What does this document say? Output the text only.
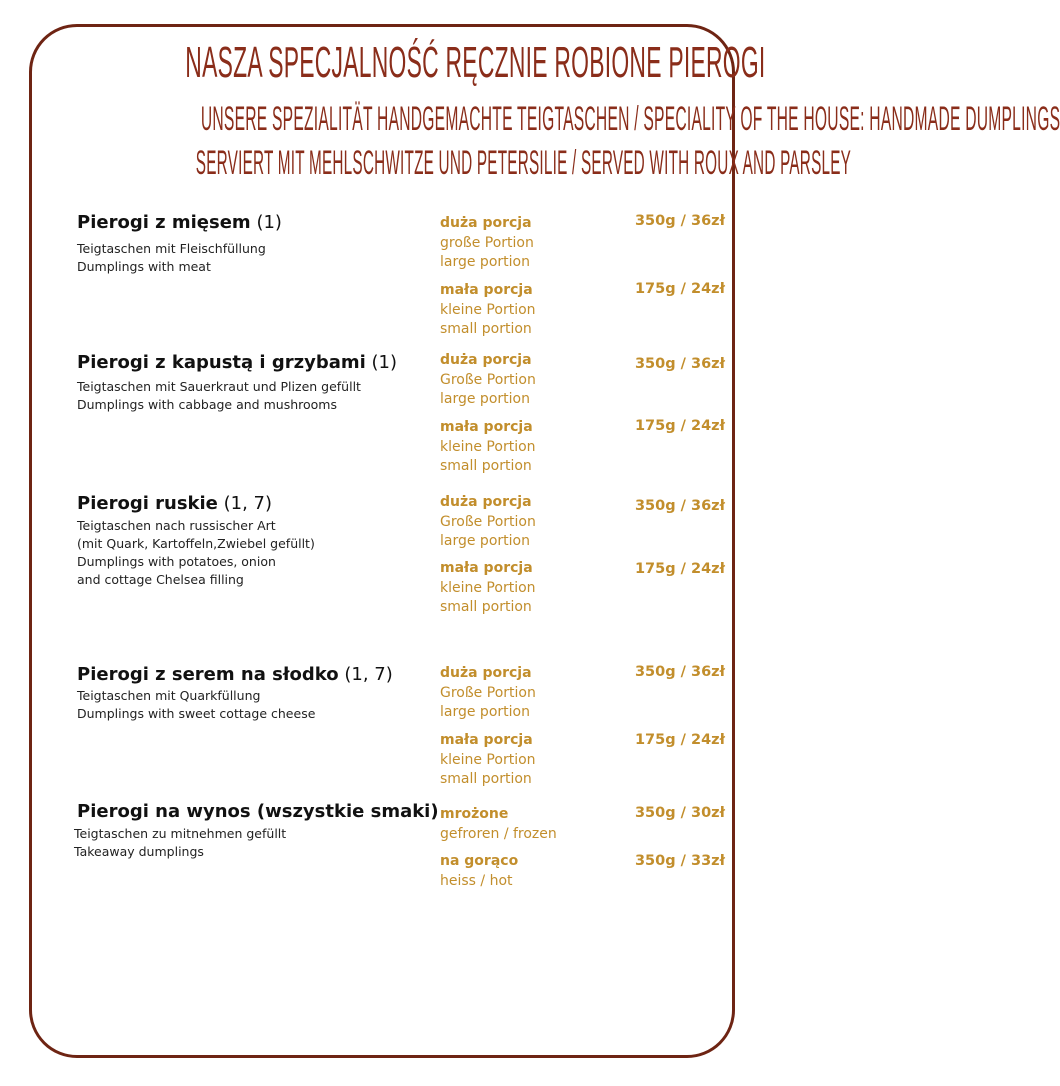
NASZA SPECJALNOŚĆ RĘCZNIE ROBIONE PIEROGI
UNSERE SPEZIALITÄT HANDGEMACHTE TEIGTASCHEN / SPECIALITY OF THE HOUSE: HANDMADE DUMPLINGS
SERVIERT MIT MEHLSCHWITZE UND PETERSILIE / SERVED WITH ROUX AND PARSLEY
Pierogi z mięsem (1)
Teigtaschen mit Fleischfüllung
Dumplings with meat
duża porcja
große Portion
large portion
350g / 36zł
mała porcja
kleine Portion
small portion
175g / 24zł
Pierogi z kapustą i grzybami (1)
Teigtaschen mit Sauerkraut und Plizen gefüllt
Dumplings with cabbage and mushrooms
duża porcja
Große Portion
large portion
350g / 36zł
mała porcja
kleine Portion
small portion
175g / 24zł
Pierogi ruskie (1, 7)
Teigtaschen nach russischer Art
(mit Quark, Kartoffeln,Zwiebel gefüllt)
Dumplings with potatoes, onion
and cottage Chelsea filling
duża porcja
Große Portion
large portion
350g / 36zł
mała porcja
kleine Portion
small portion
175g / 24zł
Pierogi z serem na słodko (1, 7)
Teigtaschen mit Quarkfüllung
Dumplings with sweet cottage cheese
duża porcja
Große Portion
large portion
350g / 36zł
mała porcja
kleine Portion
small portion
175g / 24zł
Pierogi na wynos (wszystkie smaki)
Teigtaschen zu mitnehmen gefüllt
Takeaway dumplings
mrożone
gefroren / frozen
350g / 30zł
na gorąco
heiss / hot
350g / 33zł
